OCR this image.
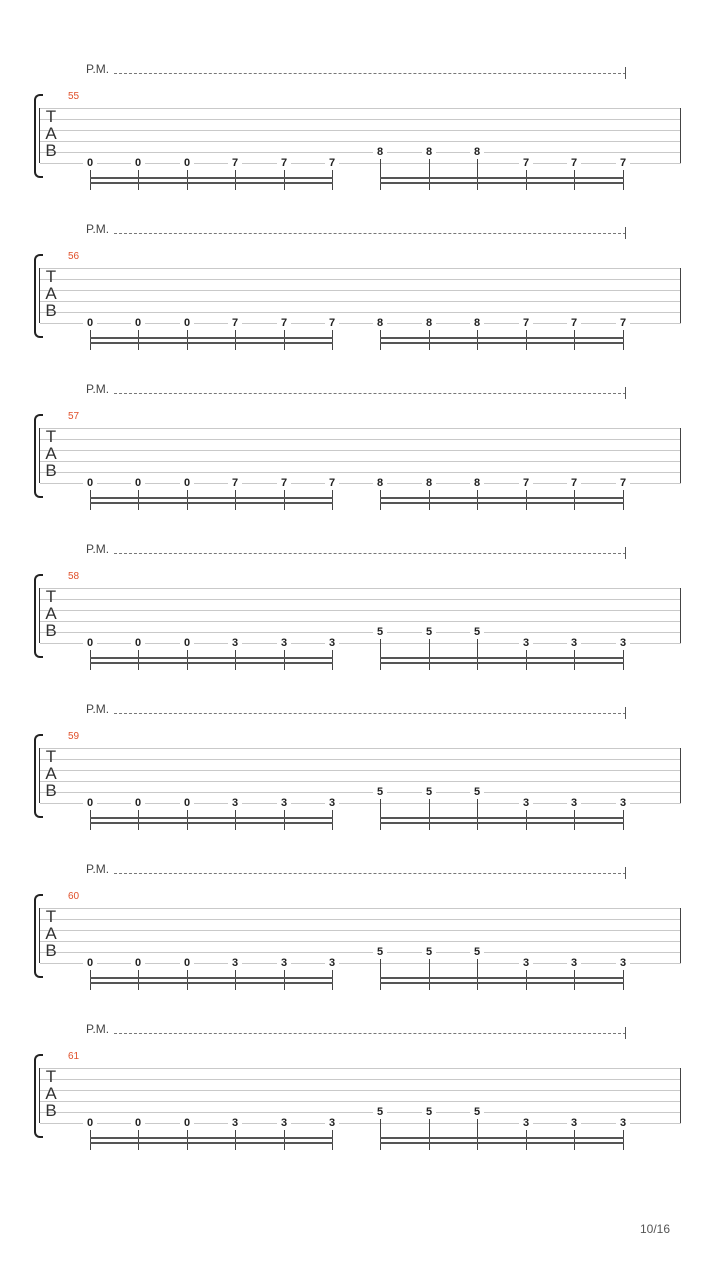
P.M.
55
T
A
B
0	0	0	7	7	7
8	8	8
7	7	7
P.M.
56
T
A
B
0	0	0	7	7	7	8	8	8	7	7	7
P.M.
57
T
A
B
0	0	0	7	7	7	8	8	8	7	7	7
P.M.
58
T
A
B
0	0	0	3	3	3
5	5	5
3	3	3
P.M.
59
T
A
B
0	0	0	3	3	3
5	5	5
3	3	3
P.M.
60
T
A
B
0	0	0	3	3	3
5	5	5
3	3	3
P.M.
61
T
A
B
0	0	0	3	3	3
5	5	5
3	3	3
10/16
